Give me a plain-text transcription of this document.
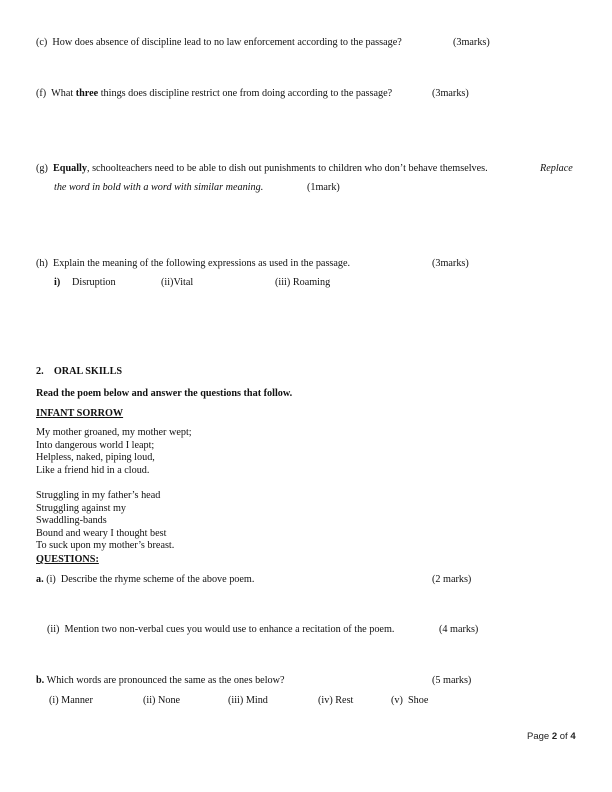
(c) How does absence of discipline lead to no law enforcement according to the passage?	(3marks)
(f) What three things does discipline restrict one from doing according to the passage?	(3marks)
(g) Equally, schoolteachers need to be able to dish out punishments to children who don’t behave themselves.	Replace
the word in bold with a word with similar meaning.	(1mark)
(h) Explain the meaning of the following expressions as used in the passage.	(3marks)
i) Disruption	(ii)Vital	(iii) Roaming
2. ORAL SKILLS
Read the poem below and answer the questions that follow.
INFANT SORROW
My mother groaned, my mother wept;
Into dangerous world I leapt;
Helpless, naked, piping loud,
Like a friend hid in a cloud.
Struggling in my father’s head
Struggling against my
Swaddling-bands
Bound and weary I thought best
To suck upon my mother’s breast.
QUESTIONS:
a. (i) Describe the rhyme scheme of the above poem.	(2 marks)
(ii) Mention two non-verbal cues you would use to enhance a recitation of the poem.	(4 marks)
b. Which words are pronounced the same as the ones below?	(5 marks)
(i) Manner	(ii) None	(iii) Mind	(iv) Rest	(v)  Shoe
Page 2 of 4
